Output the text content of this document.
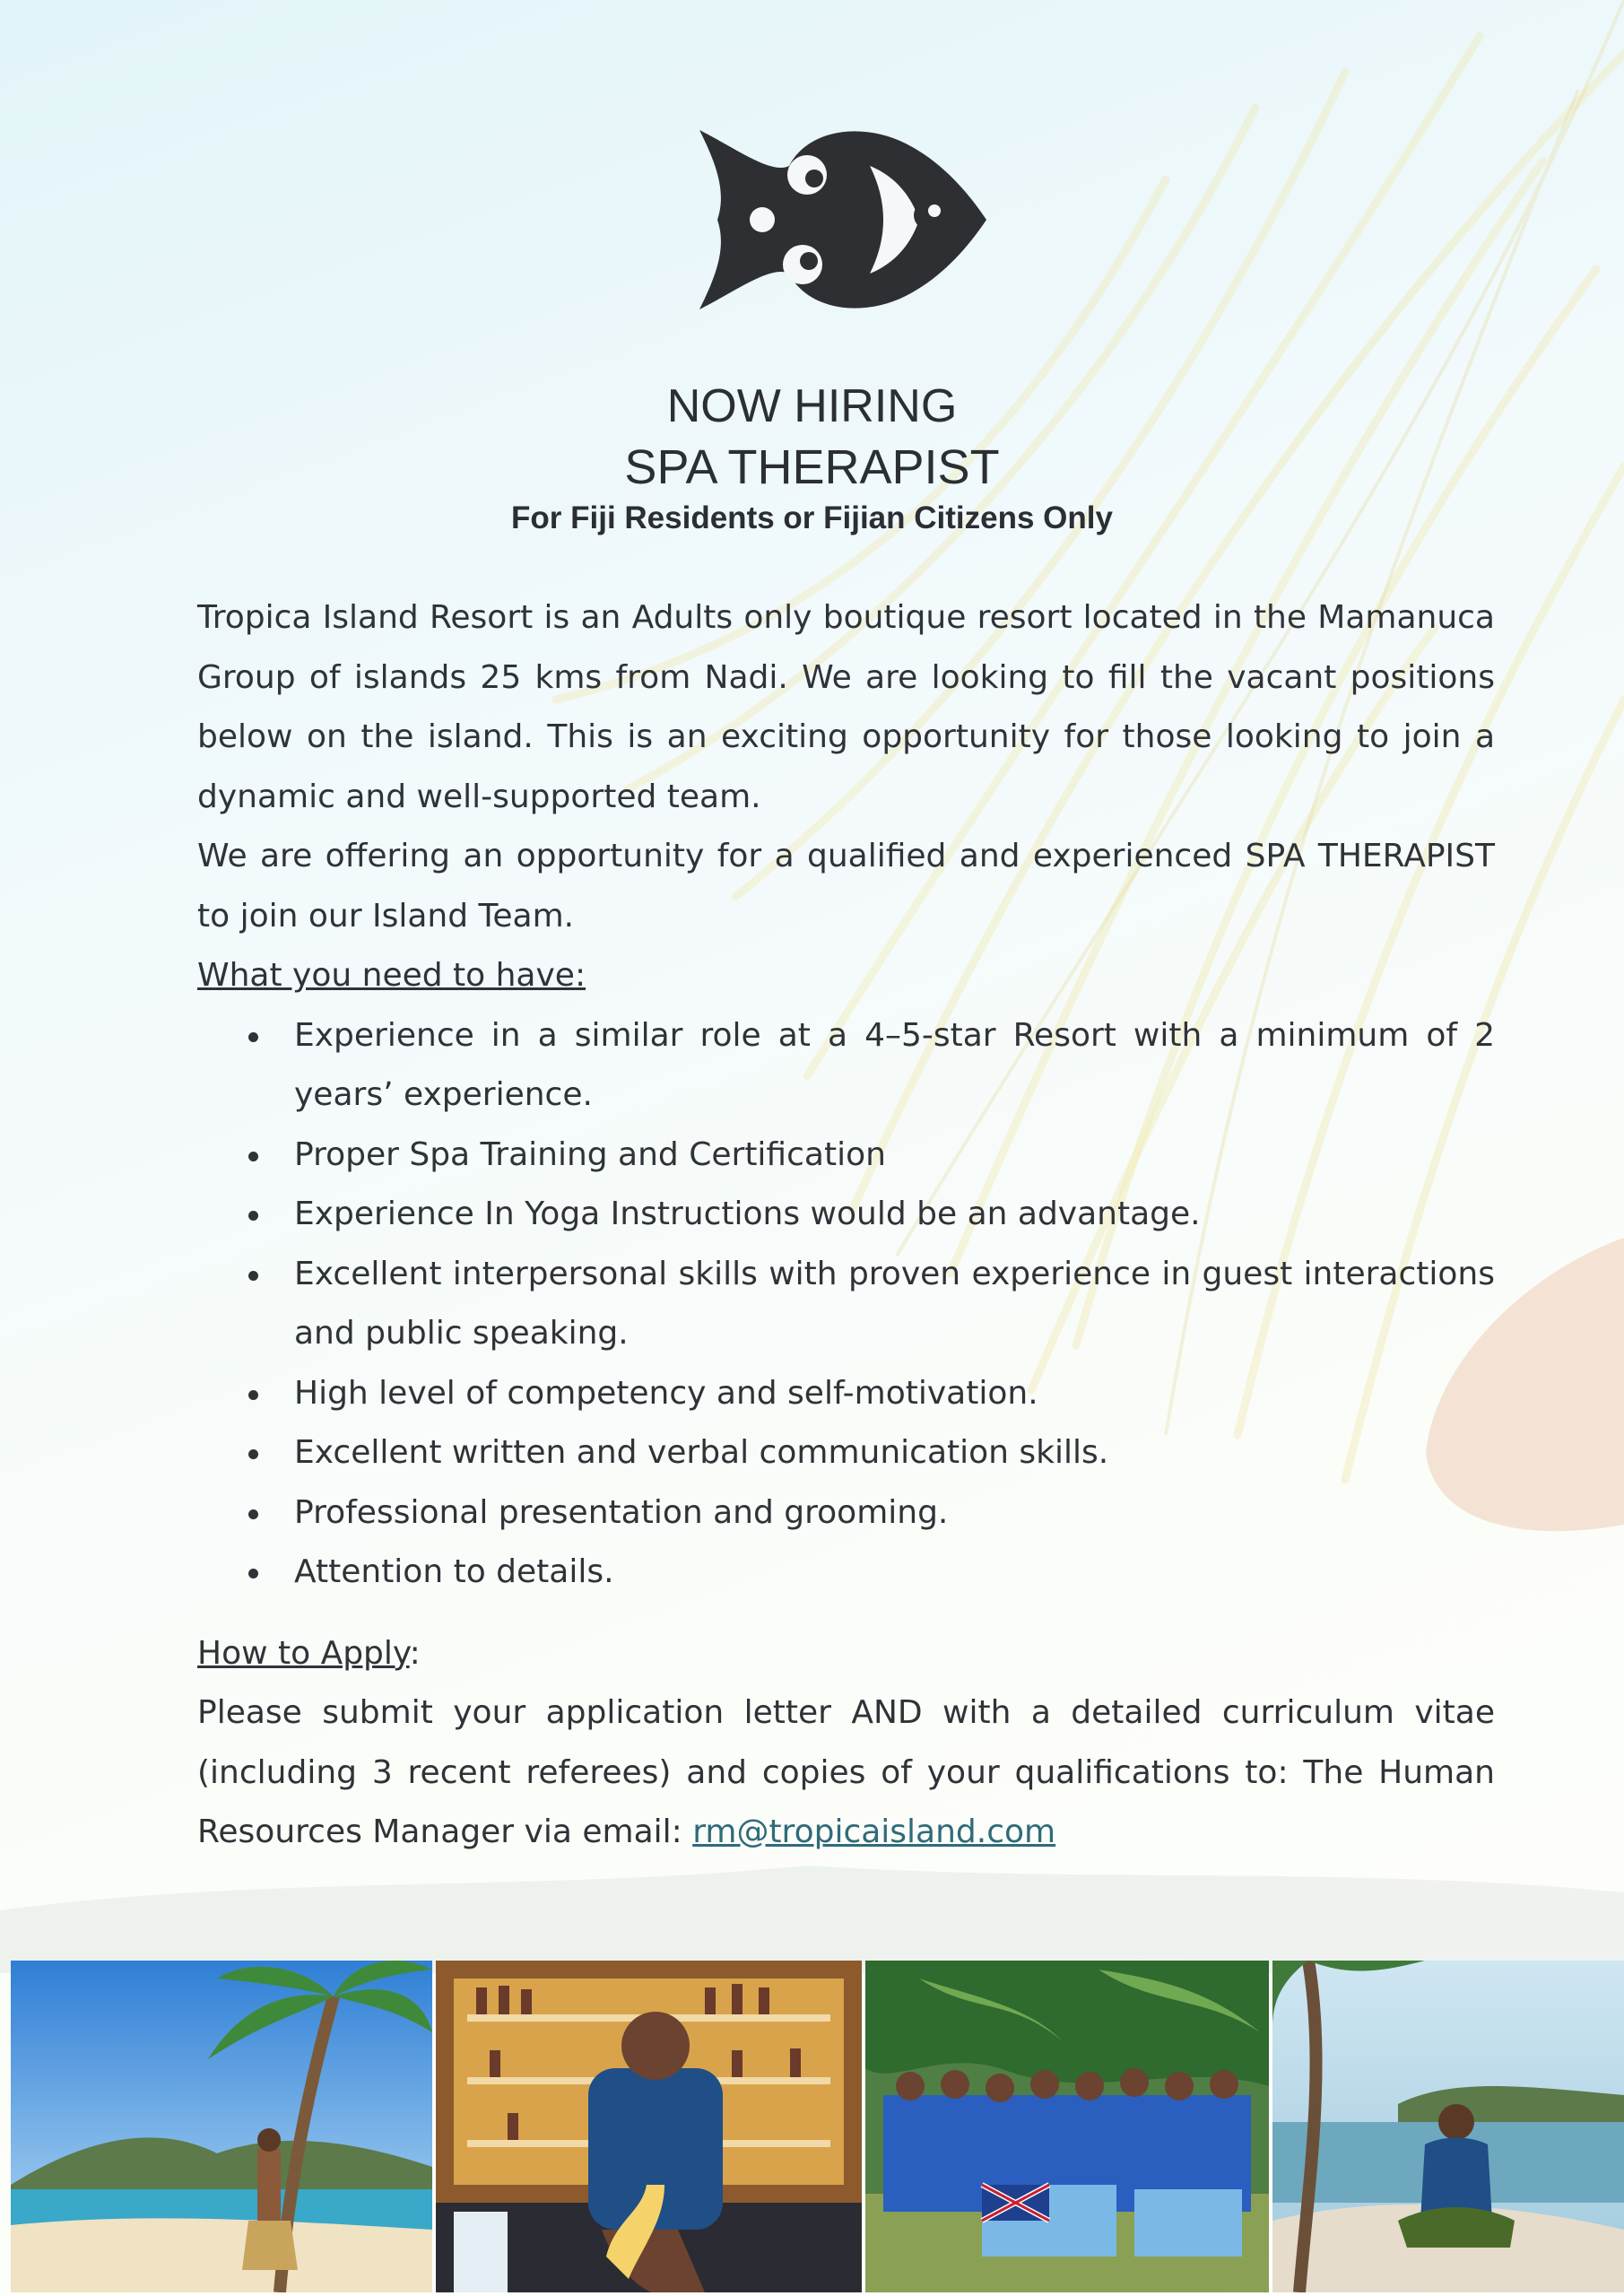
NOW HIRING
SPA THERAPIST
For Fiji Residents or Fijian Citizens Only

Tropica Island Resort is an Adults only boutique resort located in the Mamanuca Group of islands 25 kms from Nadi. We are looking to fill the vacant positions below on the island. This is an exciting opportunity for those looking to join a dynamic and well-supported team.

We are offering an opportunity for a qualified and experienced SPA THERAPIST to join our Island Team.

What you need to have:

Experience in a similar role at a 4–5-star Resort with a minimum of 2 years’ experience.
Proper Spa Training and Certification
Experience In Yoga Instructions would be an advantage.
Excellent interpersonal skills with proven experience in guest interactions and public speaking.
High level of competency and self-motivation.
Excellent written and verbal communication skills.
Professional presentation and grooming.
Attention to details.

How to Apply:

Please submit your application letter AND with a detailed curriculum vitae (including 3 recent referees) and copies of your qualifications to: The Human Resources Manager via email: rm@tropicaisland.com
